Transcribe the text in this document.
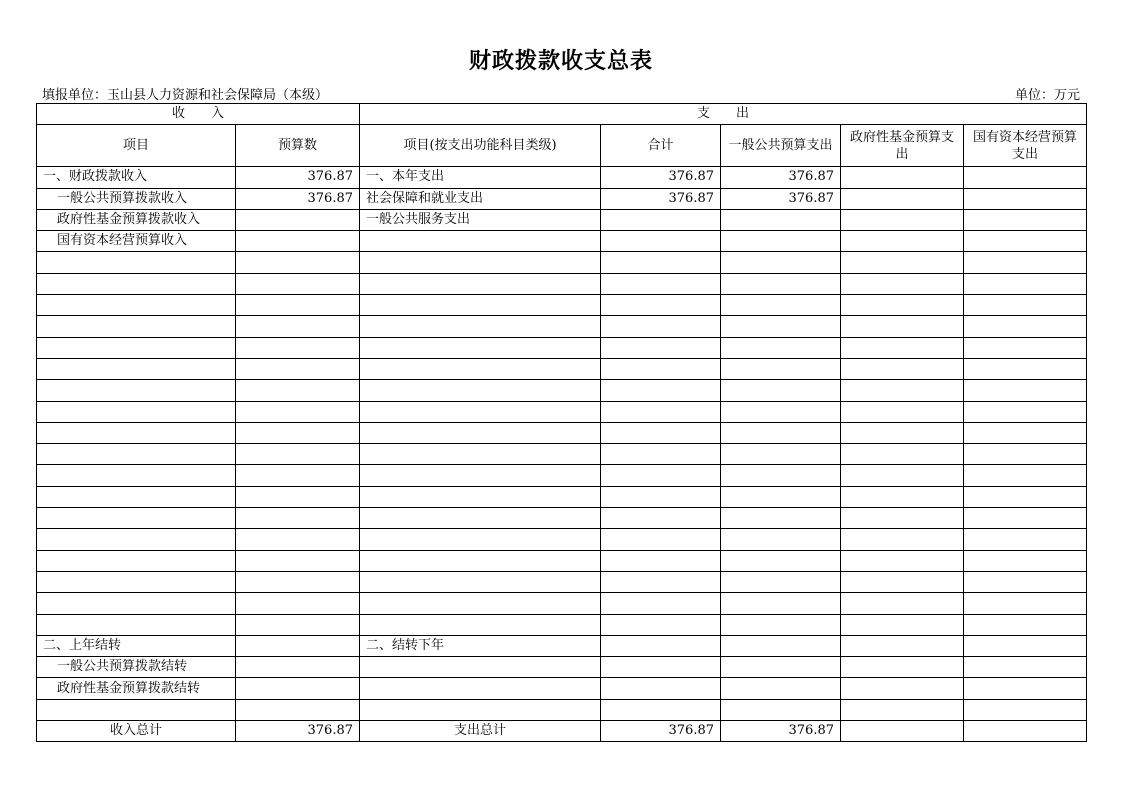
财政拨款收支总表
填报单位：玉山县人力资源和社会保障局（本级）	单位：万元
收　　入		支　　出				
项目	预算数	项目(按支出功能科目类级)	合计	一般公共预算支出	政府性基金预算支出	国有资本经营预算支出
一、财政拨款收入	376.87	一、本年支出	376.87	376.87		
一般公共预算拨款收入	376.87	社会保障和就业支出	376.87	376.87		
政府性基金预算拨款收入		一般公共服务支出				
国有资本经营预算收入						

二、上年结转		二、结转下年				
一般公共预算拨款结转						
政府性基金预算拨款结转						

收入总计	376.87	支出总计	376.87	376.87		
